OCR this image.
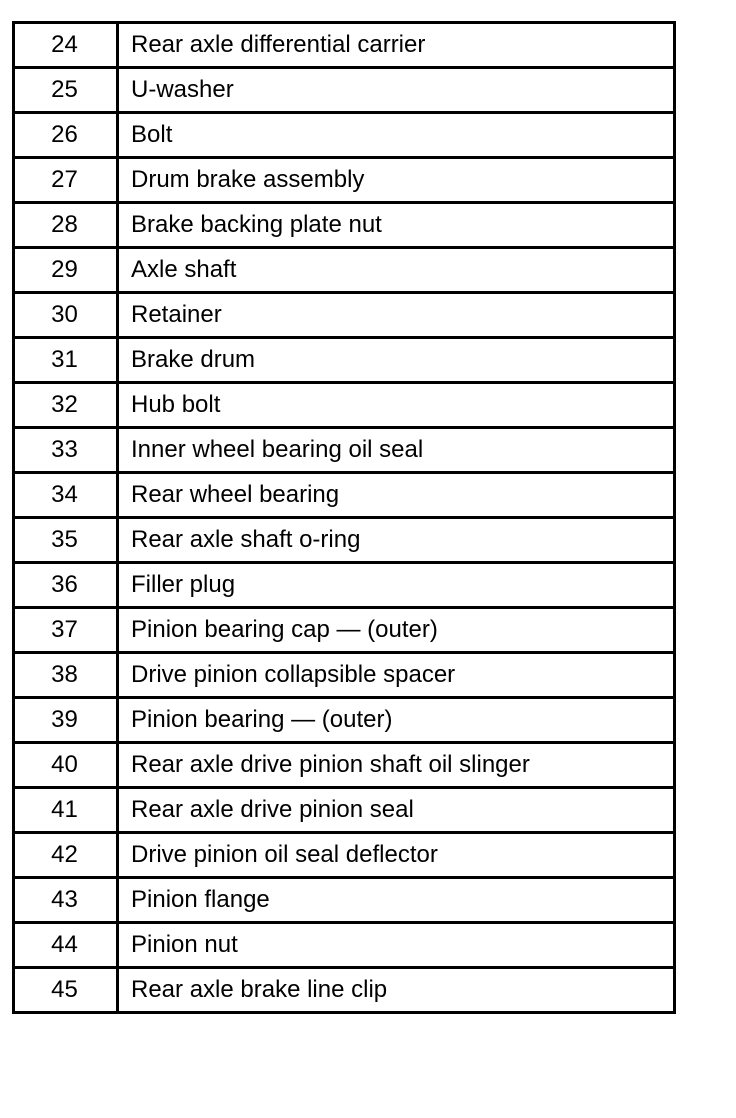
24	Rear axle differential carrier
25	U-washer
26	Bolt
27	Drum brake assembly
28	Brake backing plate nut
29	Axle shaft
30	Retainer
31	Brake drum
32	Hub bolt
33	Inner wheel bearing oil seal
34	Rear wheel bearing
35	Rear axle shaft o-ring
36	Filler plug
37	Pinion bearing cap — (outer)
38	Drive pinion collapsible spacer
39	Pinion bearing — (outer)
40	Rear axle drive pinion shaft oil slinger
41	Rear axle drive pinion seal
42	Drive pinion oil seal deflector
43	Pinion flange
44	Pinion nut
45	Rear axle brake line clip
